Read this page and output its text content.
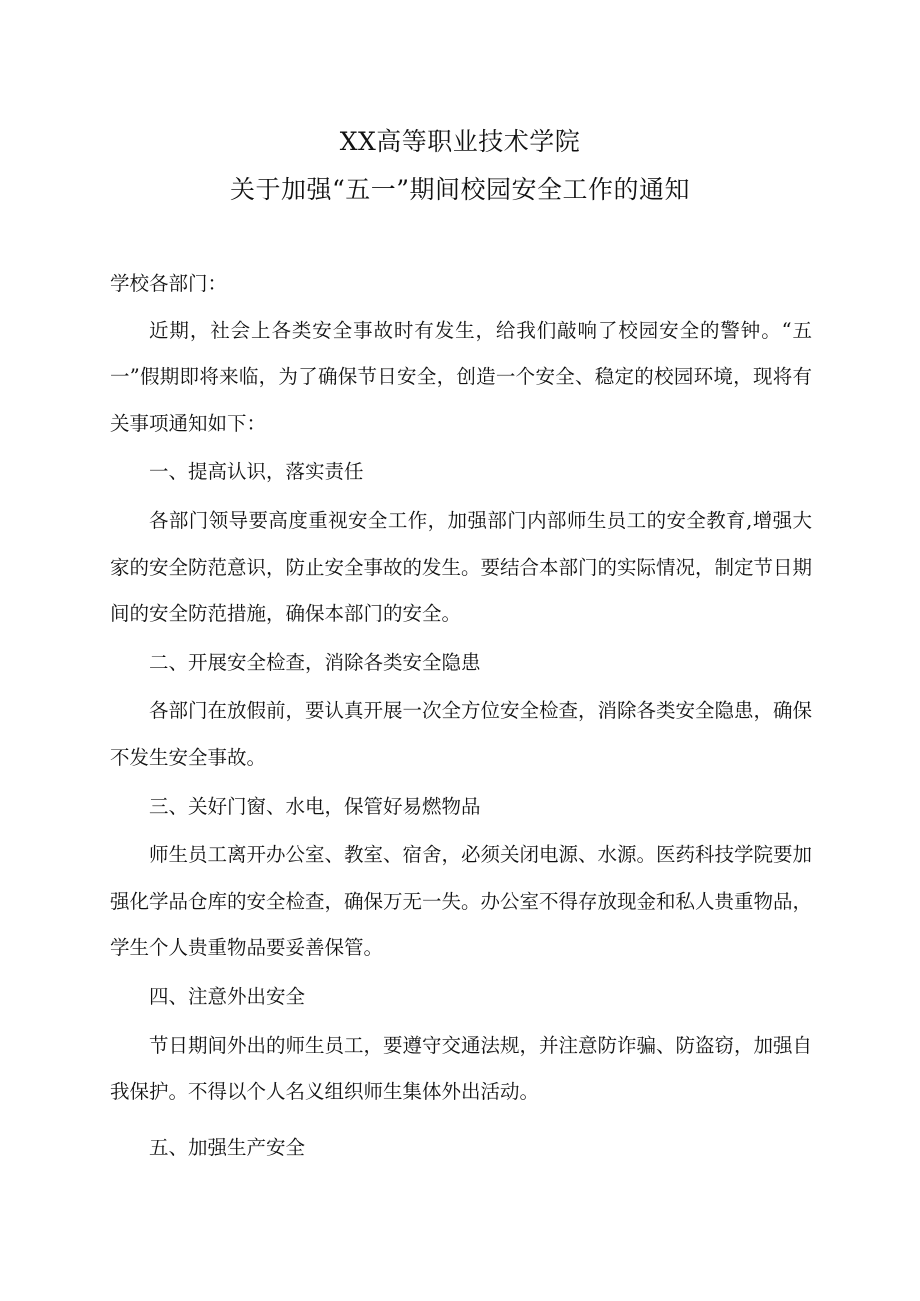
XX高等职业技术学院
关于加强“五一”期间校园安全工作的通知

学校各部门：

近期，社会上各类安全事故时有发生，给我们敲响了校园安全的警钟。“五一”假期即将来临，为了确保节日安全，创造一个安全、稳定的校园环境，现将有关事项通知如下：

一、提高认识，落实责任

各部门领导要高度重视安全工作，加强部门内部师生员工的安全教育,增强大家的安全防范意识，防止安全事故的发生。要结合本部门的实际情况，制定节日期间的安全防范措施，确保本部门的安全。

二、开展安全检查，消除各类安全隐患

各部门在放假前，要认真开展一次全方位安全检查，消除各类安全隐患，确保不发生安全事故。

三、关好门窗、水电，保管好易燃物品

师生员工离开办公室、教室、宿舍，必须关闭电源、水源。医药科技学院要加强化学品仓库的安全检查，确保万无一失。办公室不得存放现金和私人贵重物品，学生个人贵重物品要妥善保管。

四、注意外出安全

节日期间外出的师生员工，要遵守交通法规，并注意防诈骗、防盗窃，加强自我保护。不得以个人名义组织师生集体外出活动。

五、加强生产安全
